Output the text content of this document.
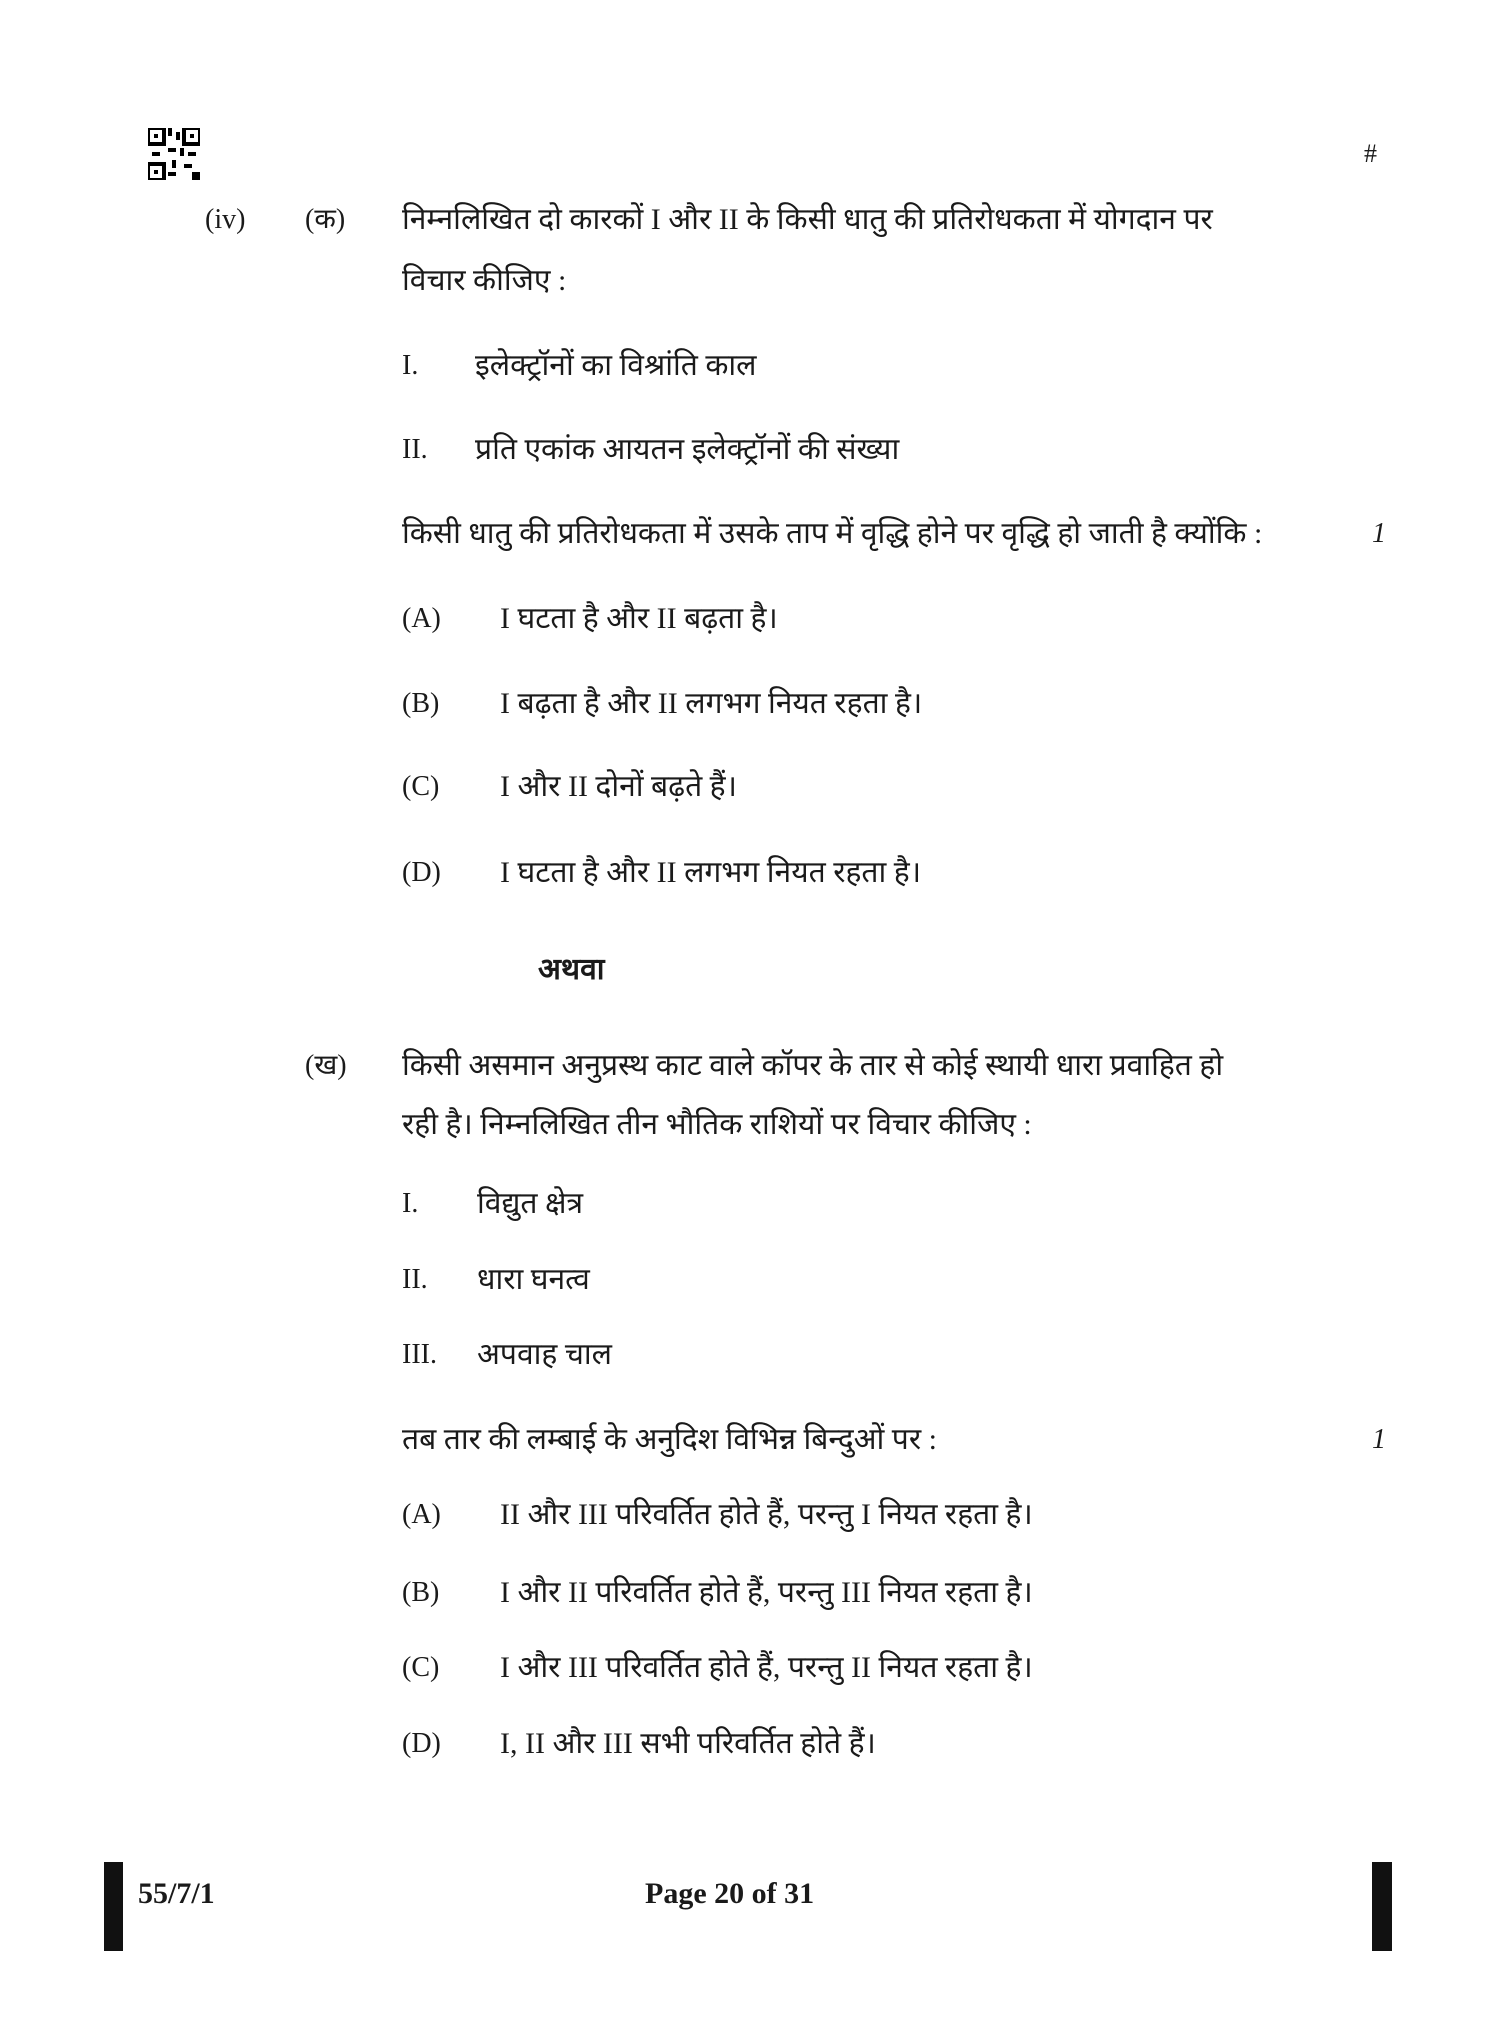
#
(iv) (क) निम्नलिखित दो कारकों I और II के किसी धातु की प्रतिरोधकता में योगदान पर
विचार कीजिए :
I. इलेक्ट्रॉनों का विश्रांति काल
II. प्रति एकांक आयतन इलेक्ट्रॉनों की संख्या
किसी धातु की प्रतिरोधकता में उसके ताप में वृद्धि होने पर वृद्धि हो जाती है क्योंकि :	1
(A) I घटता है और II बढ़ता है।
(B) I बढ़ता है और II लगभग नियत रहता है।
(C) I और II दोनों बढ़ते हैं।
(D) I घटता है और II लगभग नियत रहता है।
अथवा
(ख) किसी असमान अनुप्रस्थ काट वाले कॉपर के तार से कोई स्थायी धारा प्रवाहित हो
रही है। निम्नलिखित तीन भौतिक राशियों पर विचार कीजिए :
I. विद्युत क्षेत्र
II. धारा घनत्व
III. अपवाह चाल
तब तार की लम्बाई के अनुदिश विभिन्न बिन्दुओं पर :	1
(A) II और III परिवर्तित होते हैं, परन्तु I नियत रहता है।
(B) I और II परिवर्तित होते हैं, परन्तु III नियत रहता है।
(C) I और III परिवर्तित होते हैं, परन्तु II नियत रहता है।
(D) I, II और III सभी परिवर्तित होते हैं।
55/7/1	Page 20 of 31
